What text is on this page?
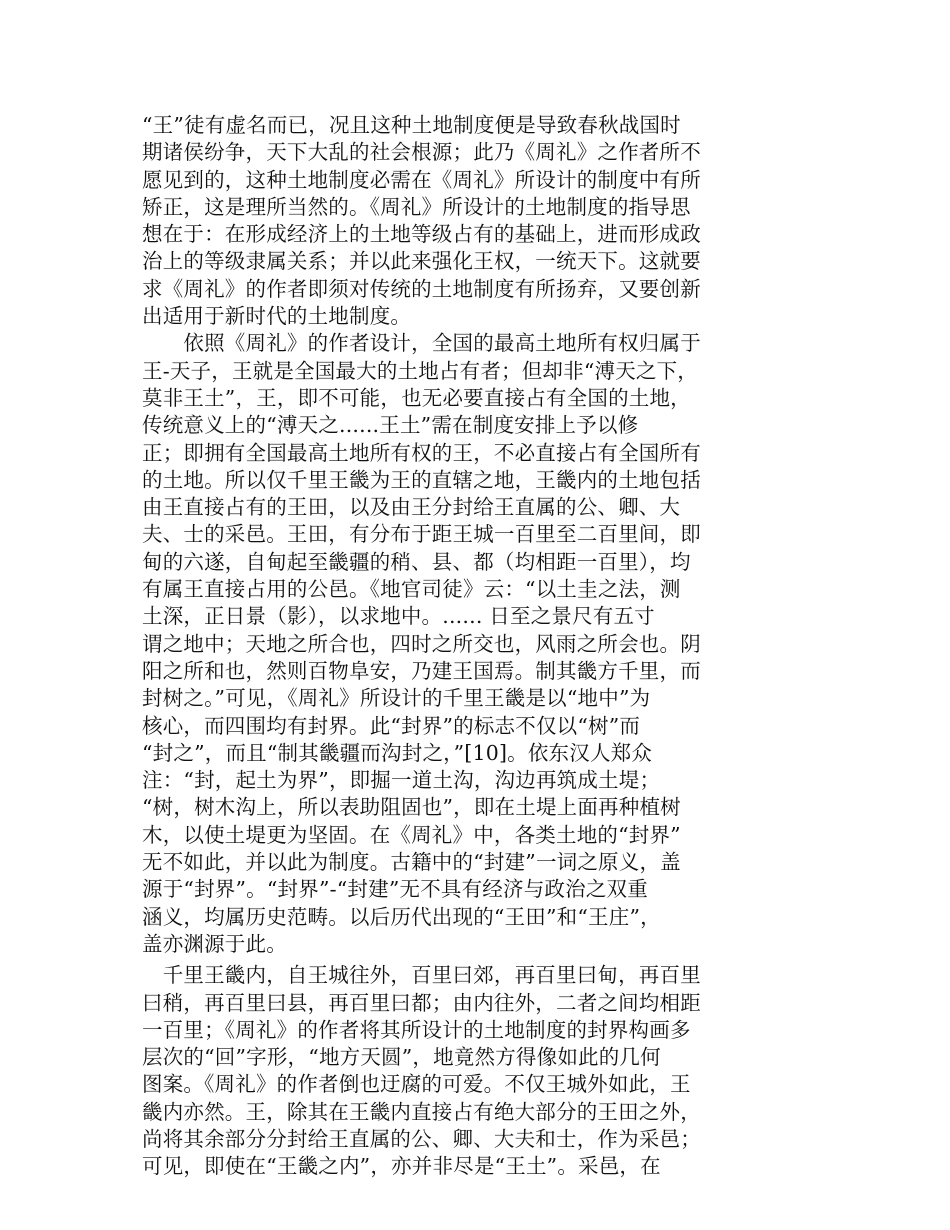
“王”徒有虚名而已，况且这种土地制度便是导致春秋战国时
期诸侯纷争，天下大乱的社会根源；此乃《周礼》之作者所不
愿见到的，这种土地制度必需在《周礼》所设计的制度中有所
矫正，这是理所当然的。《周礼》所设计的土地制度的指导思
想在于：在形成经济上的土地等级占有的基础上，进而形成政
治上的等级隶属关系；并以此来强化王权，一统天下。这就要
求《周礼》的作者即须对传统的土地制度有所扬弃，又要创新
出适用于新时代的土地制度。
　　依照《周礼》的作者设计，全国的最高土地所有权归属于
王-天子，王就是全国最大的土地占有者；但却非“溥天之下，
莫非王土”，王，即不可能，也无必要直接占有全国的土地，
传统意义上的“溥天之......王土”需在制度安排上予以修
正；即拥有全国最高土地所有权的王，不必直接占有全国所有
的土地。所以仅千里王畿为王的直辖之地，王畿内的土地包括
由王直接占有的王田，以及由王分封给王直属的公、卿、大
夫、士的采邑。王田，有分布于距王城一百里至二百里间，即
甸的六遂，自甸起至畿疆的稍、县、都（均相距一百里），均
有属王直接占用的公邑。《地官司徒》云：“以土圭之法，测
土深，正日景（影），以求地中。...... 日至之景尺有五寸
谓之地中；天地之所合也，四时之所交也，风雨之所会也。阴
阳之所和也，然则百物阜安，乃建王国焉。制其畿方千里，而
封树之。”可见，《周礼》所设计的千里王畿是以“地中”为
核心，而四围均有封界。此“封界”的标志不仅以“树”而
“封之”，而且“制其畿疆而沟封之，”[10]。依东汉人郑众
注：“封，起土为界”，即掘一道土沟，沟边再筑成土堤；
“树，树木沟上，所以表助阻固也”，即在土堤上面再种植树
木，以使土堤更为坚固。在《周礼》中，各类土地的“封界”
无不如此，并以此为制度。古籍中的“封建”一词之原义，盖
源于“封界”。“封界”-“封建”无不具有经济与政治之双重
涵义，均属历史范畴。以后历代出现的“王田”和“王庄”，
盖亦渊源于此。
　千里王畿内，自王城往外，百里曰郊，再百里曰甸，再百里
曰稍，再百里曰县，再百里曰都；由内往外，二者之间均相距
一百里；《周礼》的作者将其所设计的土地制度的封界构画多
层次的“回”字形，“地方天圆”，地竟然方得像如此的几何
图案。《周礼》的作者倒也迂腐的可爱。不仅王城外如此，王
畿内亦然。王，除其在王畿内直接占有绝大部分的王田之外，
尚将其余部分分封给王直属的公、卿、大夫和士，作为采邑；
可见，即使在“王畿之内”，亦并非尽是“王土”。采邑，在
